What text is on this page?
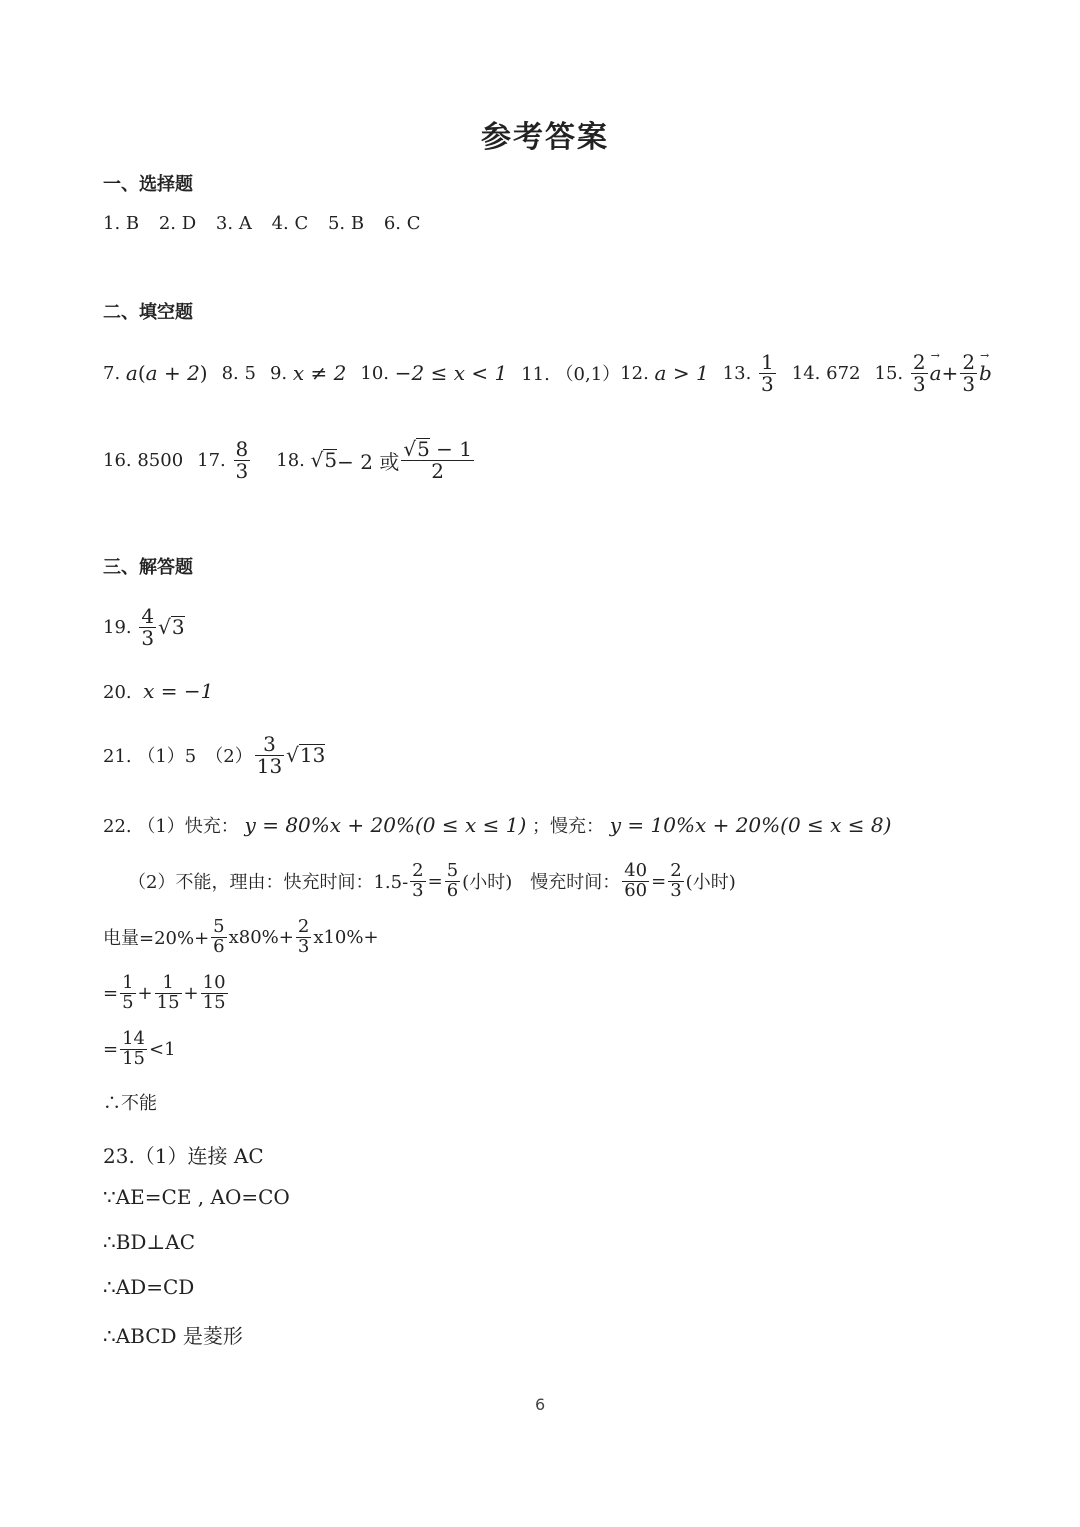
参考答案
一、选择题
1. B 2. D 3. A 4. C 5. B 6. C
二、填空题
7.
a ( a + 2 ) 8. 5 9.
x ≠ 2 10.
−2 ≤ x < 1 11. （0,1） 12.
a > 1 13.
$\frac{1}{3} 14$. 672 15.
$\frac{2}{3}$
→ $a + \frac{2}{3}$
→ b
16. 8500 17.
$\frac{8}{3} 18$.
√ 5 − 2 或 $\frac{√5 - 1}{2}$
三、解答题
19.
$\frac{4}{3}$ √ 3
20. x = −1
21. （1）5　$(2) \frac{3}{13}$ √ 13
22. （1）快充： y = 80%x + 20%(0 ≤ x ≤ 1) ；慢充： y = 10%x + 20%(0 ≤ x ≤ 8)
（2）不能，理由：快充时间：$1.5- \frac{2}{3} = \frac{5}{6}$ (小时)　慢充时间： $\frac{40}{60} = \frac{2}{3}$ (小时)
电量$=20\%+ \frac{5}{6} x80\%+ \frac{2}{3} x10\%+$
= $\frac{1}{5} + \frac{1}{15} + \frac{10}{15}$
= $\frac{14}{15} <1$
∴不能
23.（1）连接 AC
∵AE=CE , AO=CO
∴BD⊥AC
∴AD=CD
∴ABCD 是菱形
6
